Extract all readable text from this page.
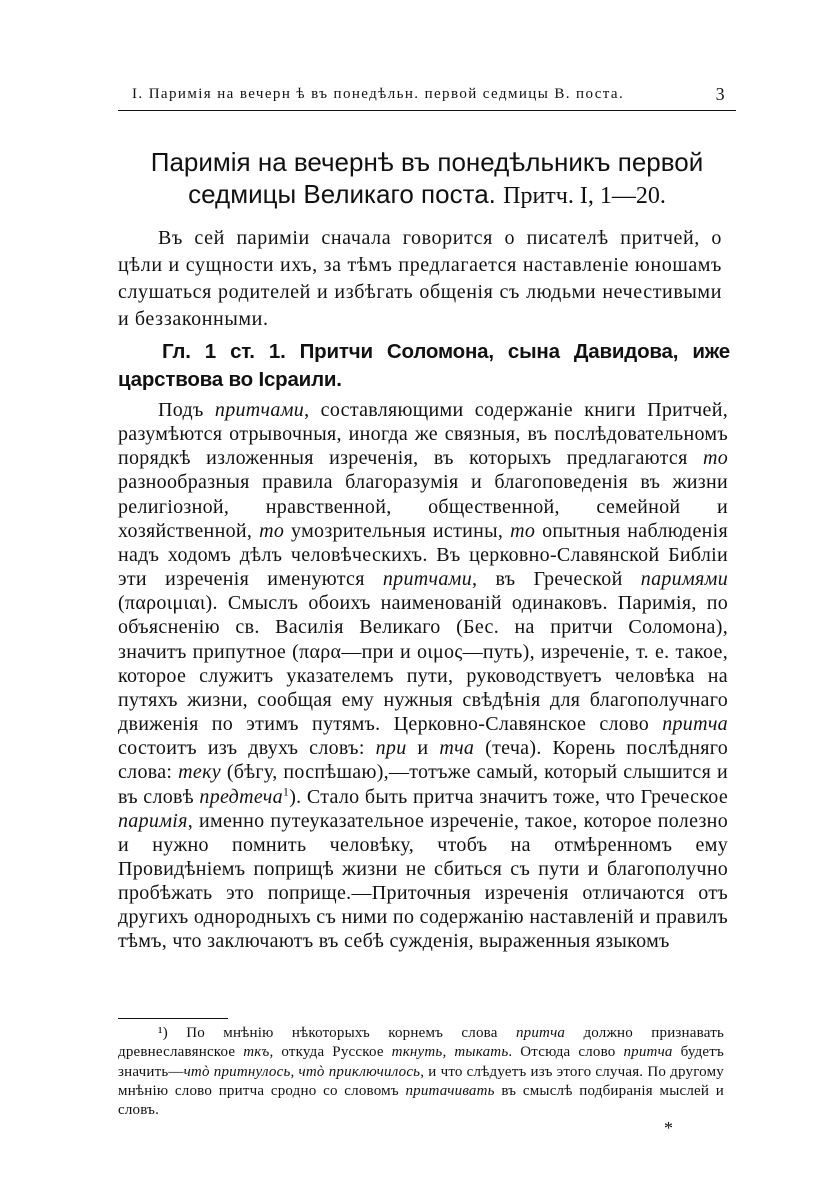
I. Паримія на вечерн ѣ въ понедѣльн. первой седмицы В. поста.	3
Паримія на вечернѣ въ понедѣльникъ первой
седмицы Великаго поста. Притч. I, 1—20.

Въ сей париміи сначала говорится о писателѣ притчей, о цѣли и сущности ихъ, за тѣмъ предлагается наставленіе юношамъ слушаться родителей и избѣгать общенія съ людьми нечестивыми и беззаконными.

Гл. 1 ст. 1. Притчи Соломона, сына Давидова, иже царствова во Ісраили.

Подъ притчами, составляющими содержаніе книги Притчей, разумѣются отрывочныя, иногда же связныя, въ послѣдовательномъ порядкѣ изложенныя изреченія, въ которыхъ предлагаются то разнообразныя правила благоразумія и благоповеденія въ жизни религіозной, нравственной, общественной, семейной и хозяйственной, то умозрительныя истины, то опытныя наблюденія надъ ходомъ дѣлъ человѣческихъ. Въ церковно-Славянской Библіи эти изреченія именуются притчами, въ Греческой паримями (παροιμιαι). Смыслъ обоихъ наименованій одинаковъ. Паримія, по объясненію св. Василія Великаго (Бес. на притчи Соломона), значитъ припутное (παρα—при и οιμος—путь), изреченіе, т. е. такое, которое служитъ указателемъ пути, руководствуетъ человѣка на путяхъ жизни, сообщая ему нужныя свѣдѣнія для благополучнаго движенія по этимъ путямъ. Церковно-Славянское слово притча состоитъ изъ двухъ словъ: при и тча (теча). Корень послѣдняго слова: теку (бѣгу, поспѣшаю),—тотъже самый, который слышится и въ словѣ предтеча$^1$). Стало быть притча значитъ тоже, что Греческое паримія, именно путеуказательное изреченіе, такое, которое полезно и нужно помнить человѣку, чтобъ на отмѣренномъ ему Провидѣніемъ поприщѣ жизни не сбиться съ пути и благополучно пробѣжать это поприще.—Приточныя изреченія отличаются отъ другихъ однородныхъ съ ними по содержанію наставленій и правилъ тѣмъ, что заключаютъ въ себѣ сужденія, выраженныя языкомъ

¹) По мнѣнію нѣкоторыхъ корнемъ слова притча должно признавать древнеславянское ткъ, откуда Русское ткнуть, тыкать. Отсюда слово притча будетъ значить—чтò притнулось, чтò приключилось, и что слѣдуетъ изъ этого случая. По другому мнѣнію слово притча сродно со словомъ притачивать въ смыслѣ подбиранія мыслей и словъ.

*
